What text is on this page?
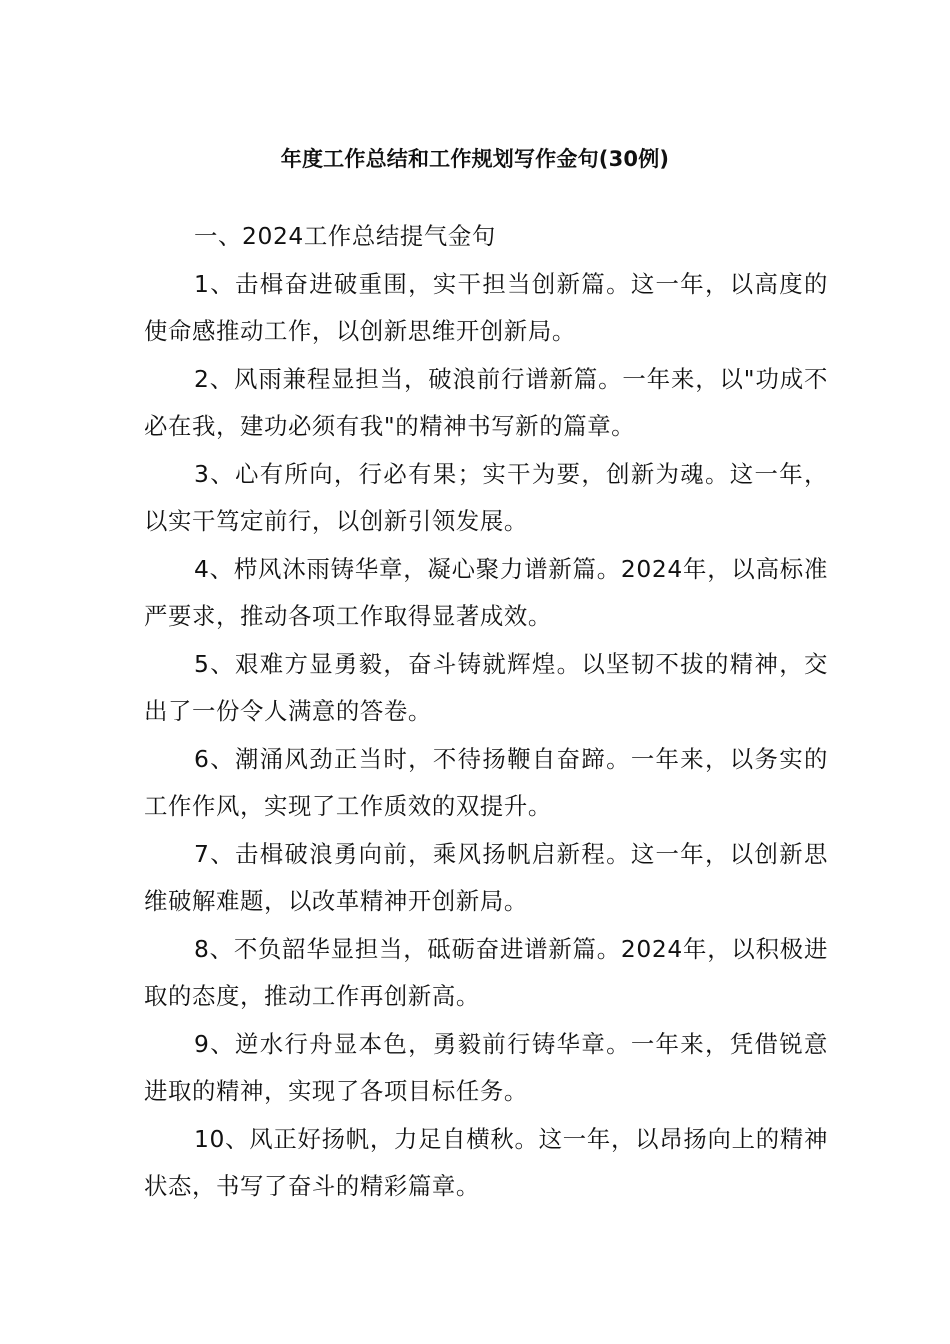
年度工作总结和工作规划写作金句(30例)

一、2024工作总结提气金句

1、击楫奋进破重围，实干担当创新篇。这一年，以高度的使命感推动工作，以创新思维开创新局。

2、风雨兼程显担当，破浪前行谱新篇。一年来，以"功成不必在我，建功必须有我"的精神书写新的篇章。

3、心有所向，行必有果；实干为要，创新为魂。这一年，以实干笃定前行，以创新引领发展。

4、栉风沐雨铸华章，凝心聚力谱新篇。2024年，以高标准严要求，推动各项工作取得显著成效。

5、艰难方显勇毅，奋斗铸就辉煌。以坚韧不拔的精神，交出了一份令人满意的答卷。

6、潮涌风劲正当时，不待扬鞭自奋蹄。一年来，以务实的工作作风，实现了工作质效的双提升。

7、击楫破浪勇向前，乘风扬帆启新程。这一年，以创新思维破解难题，以改革精神开创新局。

8、不负韶华显担当，砥砺奋进谱新篇。2024年，以积极进取的态度，推动工作再创新高。

9、逆水行舟显本色，勇毅前行铸华章。一年来，凭借锐意进取的精神，实现了各项目标任务。

10、风正好扬帆，力足自横秋。这一年，以昂扬向上的精神状态，书写了奋斗的精彩篇章。
